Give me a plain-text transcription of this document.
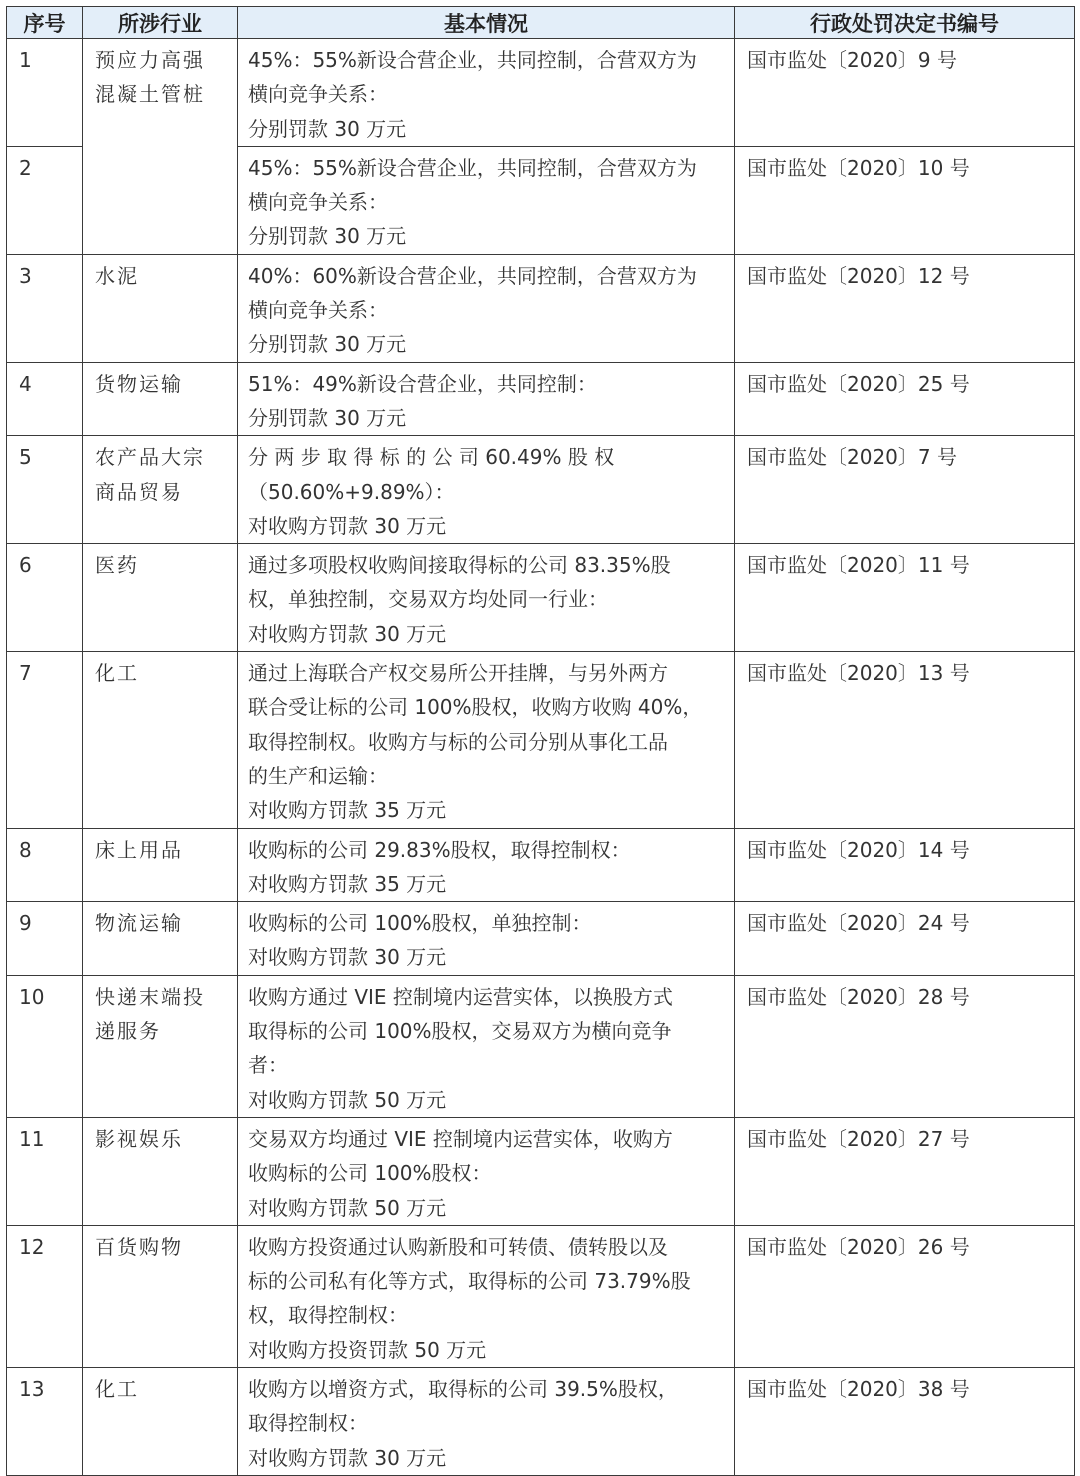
序号	所涉行业	基本情况	行政处罚决定书编号
1	预应力高强
混凝土管桩	45%：55%新设合营企业，共同控制，合营双方为
横向竞争关系：
分别罚款 30 万元	国市监处〔2020〕9 号
2		45%：55%新设合营企业，共同控制，合营双方为
横向竞争关系：
分别罚款 30 万元	国市监处〔2020〕10 号
3	水泥	40%：60%新设合营企业，共同控制，合营双方为
横向竞争关系：
分别罚款 30 万元	国市监处〔2020〕12 号
4	货物运输	51%：49%新设合营企业，共同控制：
分别罚款 30 万元	国市监处〔2020〕25 号
5	农产品大宗
商品贸易	分 两 步 取 得 标 的 公 司 60.49% 股 权
（50.60%+9.89%）：
对收购方罚款 30 万元	国市监处〔2020〕7 号
6	医药	通过多项股权收购间接取得标的公司 83.35%股
权，单独控制，交易双方均处同一行业：
对收购方罚款 30 万元	国市监处〔2020〕11 号
7	化工	通过上海联合产权交易所公开挂牌，与另外两方
联合受让标的公司 100%股权，收购方收购 40%，
取得控制权。收购方与标的公司分别从事化工品
的生产和运输：
对收购方罚款 35 万元	国市监处〔2020〕13 号
8	床上用品	收购标的公司 29.83%股权，取得控制权：
对收购方罚款 35 万元	国市监处〔2020〕14 号
9	物流运输	收购标的公司 100%股权，单独控制：
对收购方罚款 30 万元	国市监处〔2020〕24 号
10	快递末端投
递服务	收购方通过 VIE 控制境内运营实体，以换股方式
取得标的公司 100%股权，交易双方为横向竞争
者：
对收购方罚款 50 万元	国市监处〔2020〕28 号
11	影视娱乐	交易双方均通过 VIE 控制境内运营实体，收购方
收购标的公司 100%股权：
对收购方罚款 50 万元	国市监处〔2020〕27 号
12	百货购物	收购方投资通过认购新股和可转债、债转股以及
标的公司私有化等方式，取得标的公司 73.79%股
权，取得控制权：
对收购方投资罚款 50 万元	国市监处〔2020〕26 号
13	化工	收购方以增资方式，取得标的公司 39.5%股权，
取得控制权：
对收购方罚款 30 万元	国市监处〔2020〕38 号
